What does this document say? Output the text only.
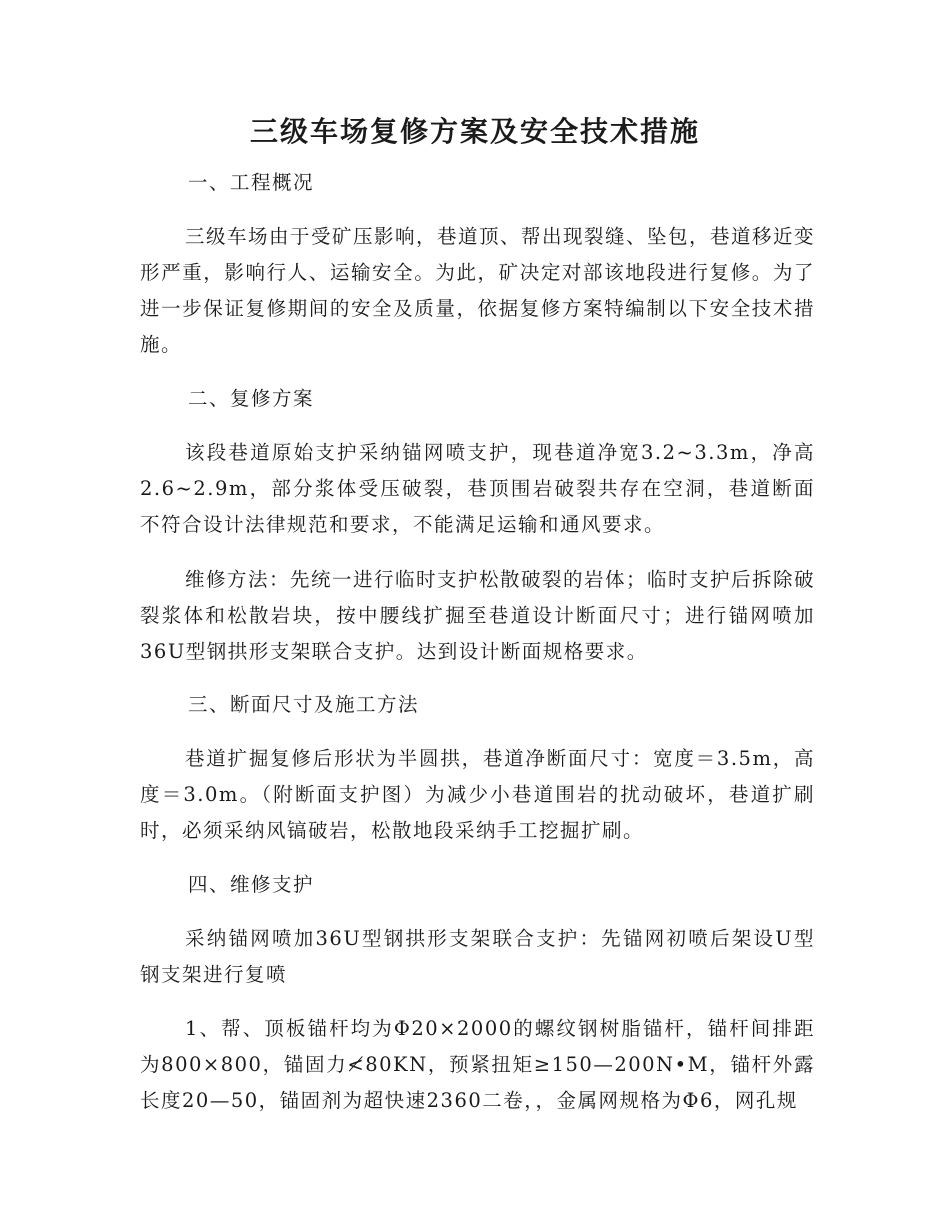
三级车场复修方案及安全技术措施
一、工程概况

三级车场由于受矿压影响，巷道顶、帮出现裂缝、坠包，巷道移近变形严重，影响行人、运输安全。为此，矿决定对部该地段进行复修。为了进一步保证复修期间的安全及质量，依据复修方案特编制以下安全技术措施。

二、复修方案

该段巷道原始支护采纳锚网喷支护，现巷道净宽3.2~3.3m，净高2.6~2.9m，部分浆体受压破裂，巷顶围岩破裂共存在空洞，巷道断面不符合设计法律规范和要求，不能满足运输和通风要求。

维修方法：先统一进行临时支护松散破裂的岩体；临时支护后拆除破裂浆体和松散岩块，按中腰线扩掘至巷道设计断面尺寸；进行锚网喷加36U型钢拱形支架联合支护。达到设计断面规格要求。

三、断面尺寸及施工方法

巷道扩掘复修后形状为半圆拱，巷道净断面尺寸：宽度＝3.5m，高度＝3.0m。（附断面支护图）为减少小巷道围岩的扰动破坏，巷道扩刷时，必须采纳风镐破岩，松散地段采纳手工挖掘扩刷。

四、维修支护

采纳锚网喷加36U型钢拱形支架联合支护：先锚网初喷后架设U型钢支架进行复喷

1、帮、顶板锚杆均为Φ20×2000的螺纹钢树脂锚杆，锚杆间排距为800×800，锚固力≮80KN，预紧扭矩≥150—200N•M，锚杆外露长度20—50，锚固剂为超快速2360二卷，，金属网规格为Φ6，网孔规
